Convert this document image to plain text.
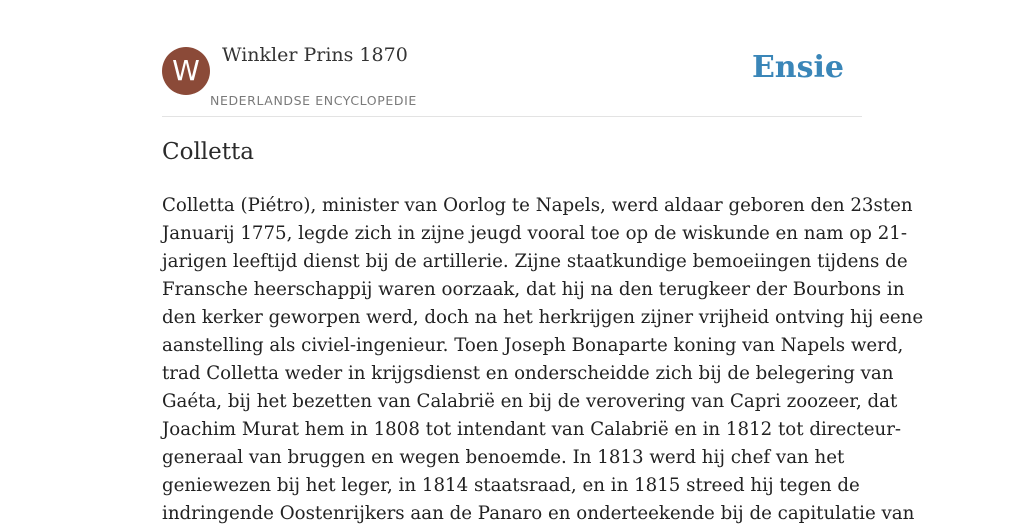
W	Winkler Prins 1870
NEDERLANDSE ENCYCLOPEDIE
Ensie
Colletta
Colletta (Piétro), minister van Oorlog te Napels, werd aldaar geboren den 23sten
Januarij 1775, legde zich in zijne jeugd vooral toe op de wiskunde en nam op 21-
jarigen leeftijd dienst bij de artillerie. Zijne staatkundige bemoeiingen tijdens de
Fransche heerschappij waren oorzaak, dat hij na den terugkeer der Bourbons in
den kerker geworpen werd, doch na het herkrijgen zijner vrijheid ontving hij eene
aanstelling als civiel-ingenieur. Toen Joseph Bonaparte koning van Napels werd,
trad Colletta weder in krijgsdienst en onderscheidde zich bij de belegering van
Gaéta, bij het bezetten van Calabrië en bij de verovering van Capri zoozeer, dat
Joachim Murat hem in 1808 tot intendant van Calabrië en in 1812 tot directeur-
generaal van bruggen en wegen benoemde. In 1813 werd hij chef van het
geniewezen bij het leger, in 1814 staatsraad, en in 1815 streed hij tegen de
indringende Oostenrijkers aan de Panaro en onderteekende bij de capitulatie van
